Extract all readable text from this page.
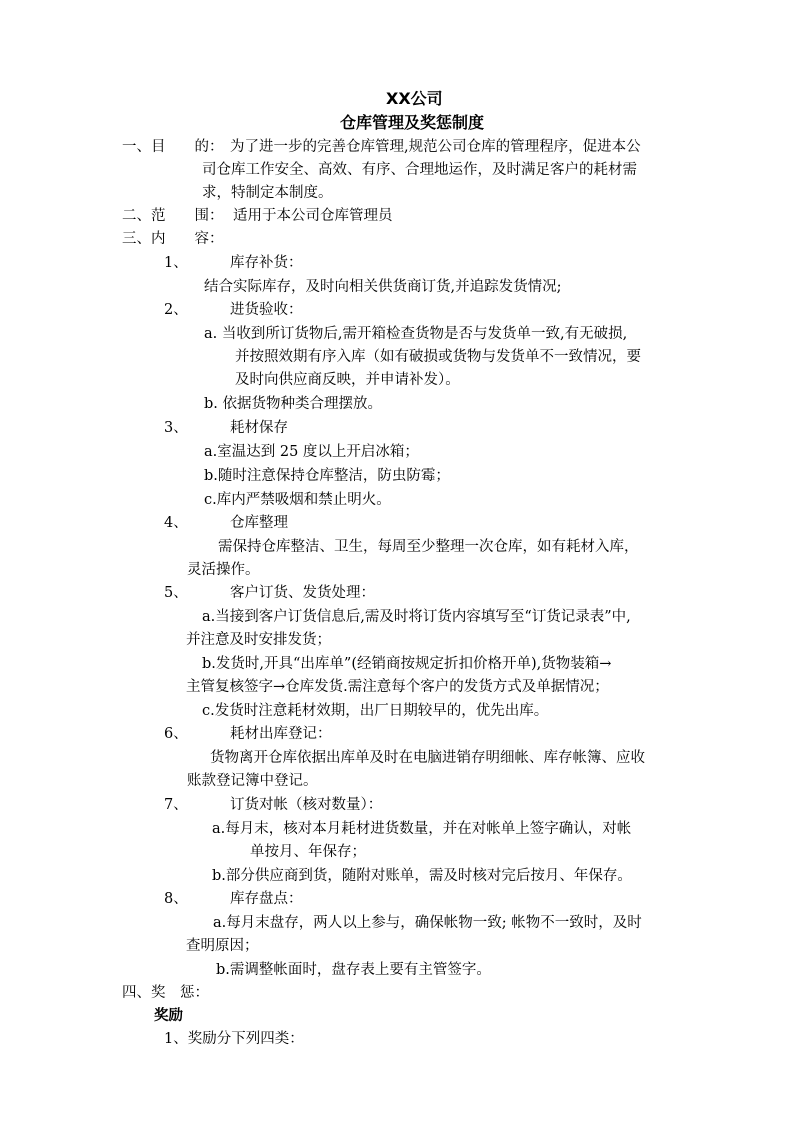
XX公司
仓库管理及奖惩制度
一、目　　的： 为了进一步的完善仓库管理,规范公司仓库的管理程序，促进本公
司仓库工作安全、高效、有序、合理地运作，及时满足客户的耗材需
求，特制定本制度。
二、范　　围： 适用于本公司仓库管理员
三、内　　容：
1、	库存补货：
结合实际库存，及时向相关供货商订货,并追踪发货情况;
2、	进货验收：
a. 当收到所订货物后,需开箱检查货物是否与发货单一致,有无破损,
并按照效期有序入库（如有破损或货物与发货单不一致情况，要
及时向供应商反映，并申请补发）。
b. 依据货物种类合理摆放。
3、	耗材保存
a.室温达到 25 度以上开启冰箱；
b.随时注意保持仓库整洁，防虫防霉；
c.库内严禁吸烟和禁止明火。
4、	仓库整理
需保持仓库整洁、卫生，每周至少整理一次仓库，如有耗材入库，
灵活操作。
5、	客户订货、发货处理：
a.当接到客户订货信息后,需及时将订货内容填写至“订货记录表”中,
并注意及时安排发货；
b.发货时,开具“出库单”(经销商按规定折扣价格开单),货物装箱→
主管复核签字→仓库发货.需注意每个客户的发货方式及单据情况；
c.发货时注意耗材效期，出厂日期较早的，优先出库。
6、	耗材出库登记：
货物离开仓库依据出库单及时在电脑进销存明细帐、库存帐簿、应收
账款登记簿中登记。
7、	订货对帐（核对数量）：
a.每月末，核对本月耗材进货数量，并在对帐单上签字确认，对帐
单按月、年保存；
b.部分供应商到货，随附对账单，需及时核对完后按月、年保存。
8、	库存盘点：
a.每月末盘存，两人以上参与，确保帐物一致; 帐物不一致时，及时
查明原因；
b.需调整帐面时，盘存表上要有主管签字。
四、奖　惩：
奖励
1、奖励分下列四类：
